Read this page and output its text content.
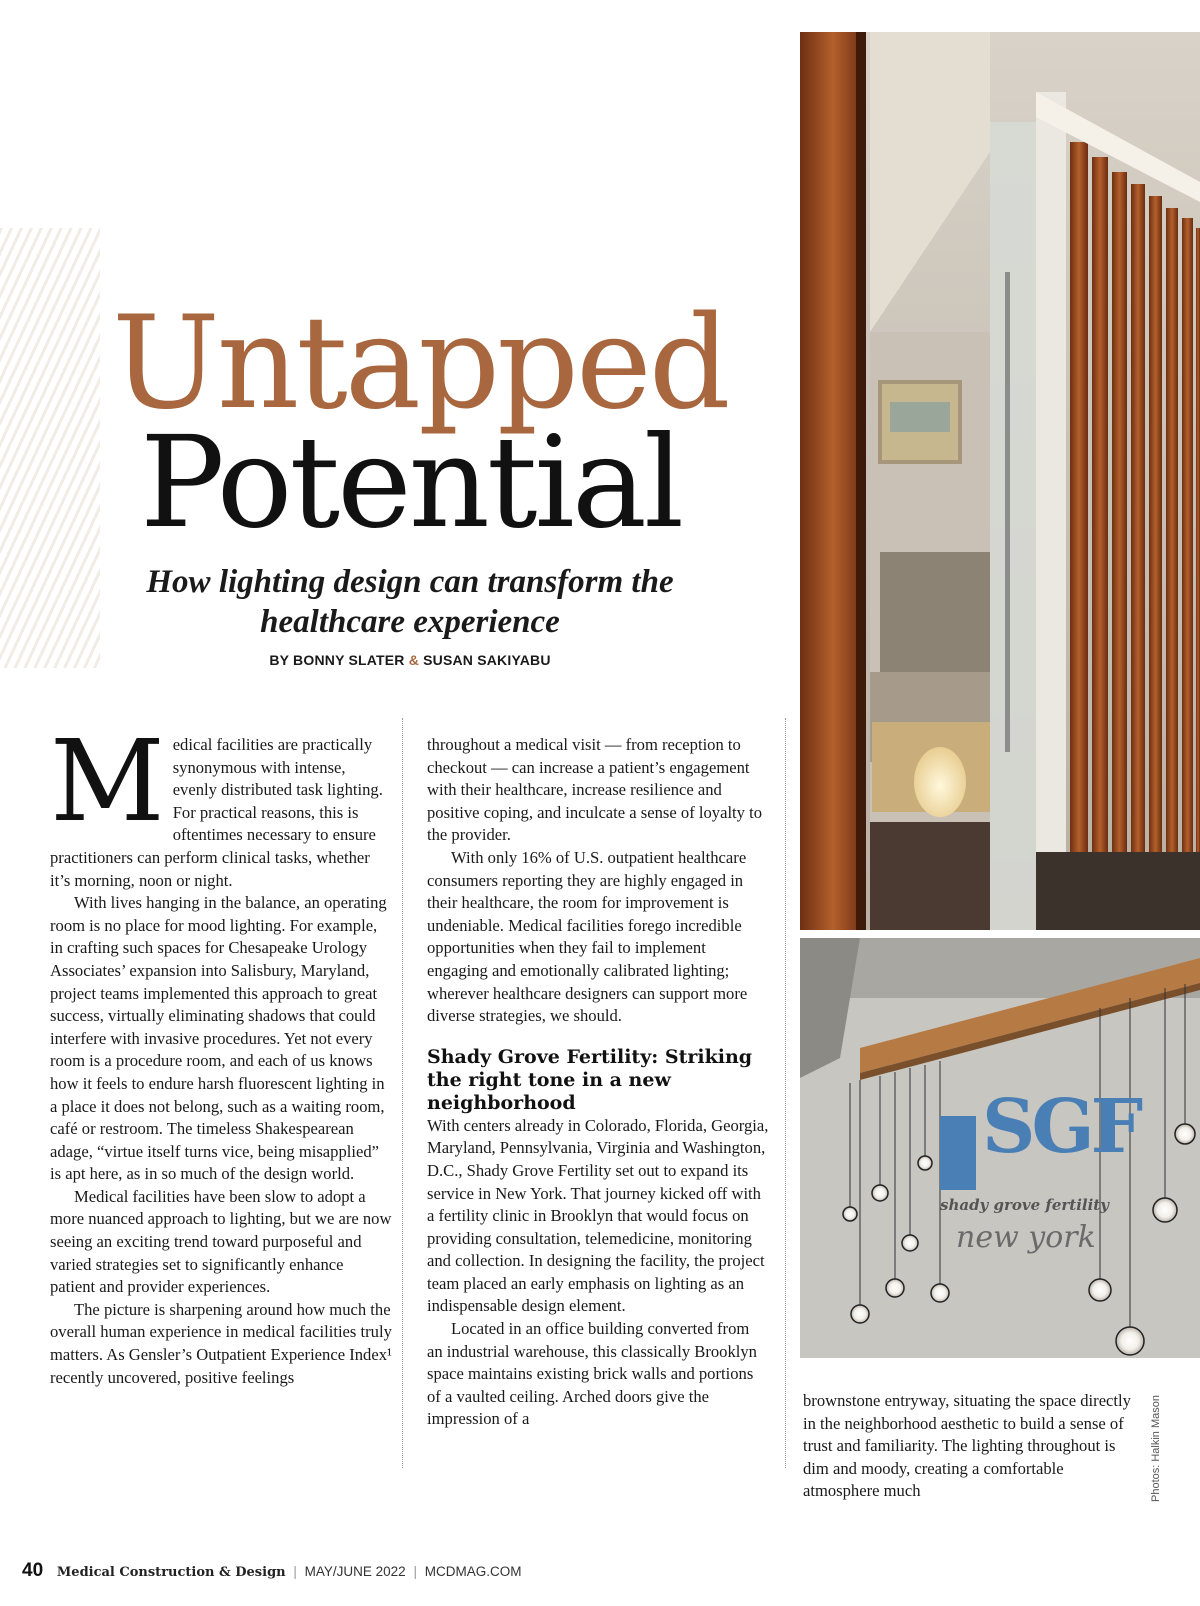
Untapped
Potential
How lighting design can transform the healthcare experience
BY BONNY SLATER & SUSAN SAKIYABU

Medical facilities are practically synonymous with intense, evenly distributed task lighting. For practical reasons, this is oftentimes necessary to ensure practitioners can perform clinical tasks, whether it’s morning, noon or night.

With lives hanging in the balance, an operating room is no place for mood lighting. For example, in crafting such spaces for Chesapeake Urology Associates’ expansion into Salisbury, Maryland, project teams implemented this approach to great success, virtually eliminating shadows that could interfere with invasive procedures. Yet not every room is a procedure room, and each of us knows how it feels to endure harsh fluorescent lighting in a place it does not belong, such as a waiting room, café or restroom. The timeless Shakespearean adage, “virtue itself turns vice, being misapplied” is apt here, as in so much of the design world.

Medical facilities have been slow to adopt a more nuanced approach to lighting, but we are now seeing an exciting trend toward purposeful and varied strategies set to significantly enhance patient and provider experiences.

The picture is sharpening around how much the overall human experience in medical facilities truly matters. As Gensler’s Outpatient Experience Index¹ recently uncovered, positive feelings

throughout a medical visit — from reception to checkout — can increase a patient’s engagement with their healthcare, increase resilience and positive coping, and inculcate a sense of loyalty to the provider.

With only 16% of U.S. outpatient healthcare consumers reporting they are highly engaged in their healthcare, the room for improvement is undeniable. Medical facilities forego incredible opportunities when they fail to implement engaging and emotionally calibrated lighting; wherever healthcare designers can support more diverse strategies, we should.

Shady Grove Fertility: Striking the right tone in a new neighborhood

With centers already in Colorado, Florida, Georgia, Maryland, Pennsylvania, Virginia and Washington, D.C., Shady Grove Fertility set out to expand its service in New York. That journey kicked off with a fertility clinic in Brooklyn that would focus on providing consultation, telemedicine, monitoring and collection. In designing the facility, the project team placed an early emphasis on lighting as an indispensable design element.

Located in an office building converted from an industrial warehouse, this classically Brooklyn space maintains existing brick walls and portions of a vaulted ceiling. Arched doors give the impression of a

brownstone entryway, situating the space directly in the neighborhood aesthetic to build a sense of trust and familiarity. The lighting throughout is dim and moody, creating a comfortable atmosphere much

SGF
shady grove fertility
new york
Photos: Halkin Mason
40 Medical Construction & Design | MAY/JUNE 2022 | MCDMAG.COM
